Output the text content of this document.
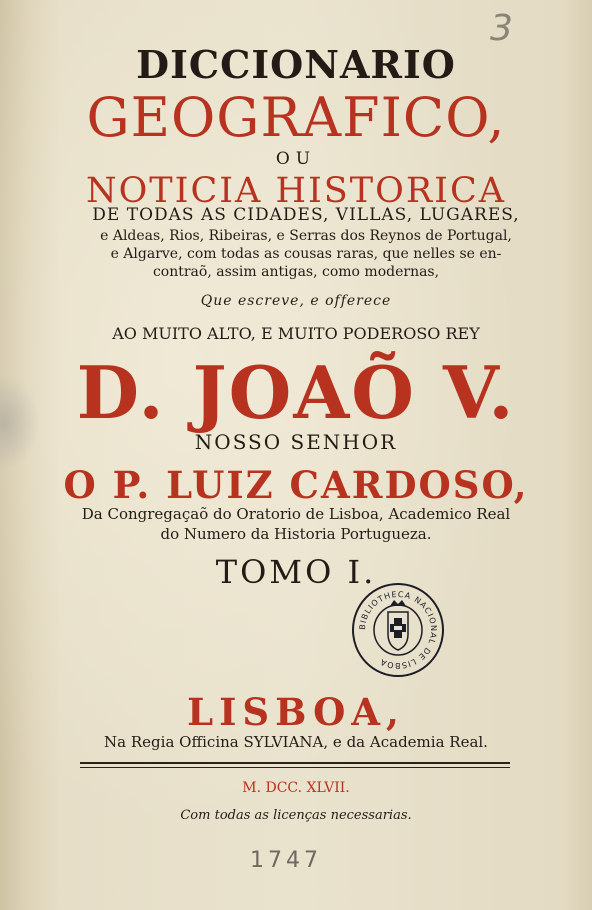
3
DICCIONARIO
GEOGRAFICO,
OU
NOTICIA HISTORICA
DE TODAS AS CIDADES, VILLAS, LUGARES,
e Aldeas, Rios, Ribeiras, e Serras dos Reynos de Portugal,
e Algarve, com todas as cousas raras, que nelles se en-
contraõ, assim antigas, como modernas,
Que escreve, e offerece
AO MUITO ALTO, E MUITO PODEROSO REY
D. JOAÕ V.
NOSSO SENHOR
O P. LUIZ CARDOSO,
Da Congregaçaõ do Oratorio de Lisboa, Academico Real
do Numero da Historia Portugueza.
TOMO I.
BIBLIOTHECA NACIONAL DE LISBOA
LISBOA,
Na Regia Officina SYLVIANA, e da Academia Real.
M. DCC. XLVII.
Com todas as licenças necessarias.
1747
